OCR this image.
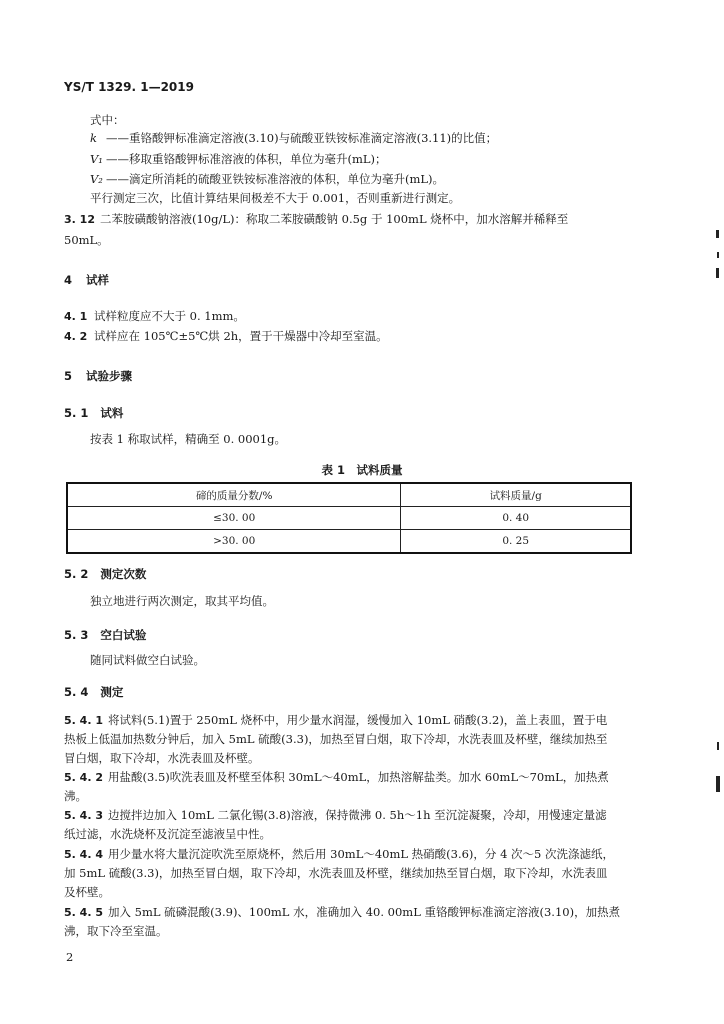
YS/T 1329. 1—2019
式中：
k ——重铬酸钾标准滴定溶液(3.10)与硫酸亚铁铵标准滴定溶液(3.11)的比值；
V₁ ——移取重铬酸钾标准溶液的体积，单位为毫升(mL)；
V₂ ——滴定所消耗的硫酸亚铁铵标准溶液的体积，单位为毫升(mL)。
平行测定三次，比值计算结果间极差不大于 0.001，否则重新进行测定。
3. 12 二苯胺磺酸钠溶液(10g/L)：称取二苯胺磺酸钠 0.5g 于 100mL 烧杯中，加水溶解并稀释至
50mL。
4 试样
4. 1 试样粒度应不大于 0. 1mm。
4. 2 试样应在 105℃±5℃烘 2h，置于干燥器中冷却至室温。
5 试验步骤
5. 1 试料
按表 1 称取试样，精确至 0. 0001g。
表 1　试料质量
碲的质量分数/%	试料质量/g
≤30. 00	0. 40
>30. 00	0. 25
5. 2 测定次数
独立地进行两次测定，取其平均值。
5. 3 空白试验
随同试料做空白试验。
5. 4 测定
5. 4. 1 将试料(5.1)置于 250mL 烧杯中，用少量水润湿，缓慢加入 10mL 硝酸(3.2)，盖上表皿，置于电
热板上低温加热数分钟后，加入 5mL 硫酸(3.3)，加热至冒白烟，取下冷却，水洗表皿及杯壁，继续加热至
冒白烟，取下冷却，水洗表皿及杯壁。
5. 4. 2 用盐酸(3.5)吹洗表皿及杯壁至体积 30mL～40mL，加热溶解盐类。加水 60mL～70mL，加热煮
沸。
5. 4. 3 边搅拌边加入 10mL 二氯化锡(3.8)溶液，保持微沸 0. 5h～1h 至沉淀凝聚，冷却，用慢速定量滤
纸过滤，水洗烧杯及沉淀至滤液呈中性。
5. 4. 4 用少量水将大量沉淀吹洗至原烧杯，然后用 30mL～40mL 热硝酸(3.6)，分 4 次～5 次洗涤滤纸，
加 5mL 硫酸(3.3)，加热至冒白烟，取下冷却，水洗表皿及杯壁，继续加热至冒白烟，取下冷却，水洗表皿
及杯壁。
5. 4. 5 加入 5mL 硫磷混酸(3.9)、100mL 水，准确加入 40. 00mL 重铬酸钾标准滴定溶液(3.10)，加热煮
沸，取下冷至室温。
2
